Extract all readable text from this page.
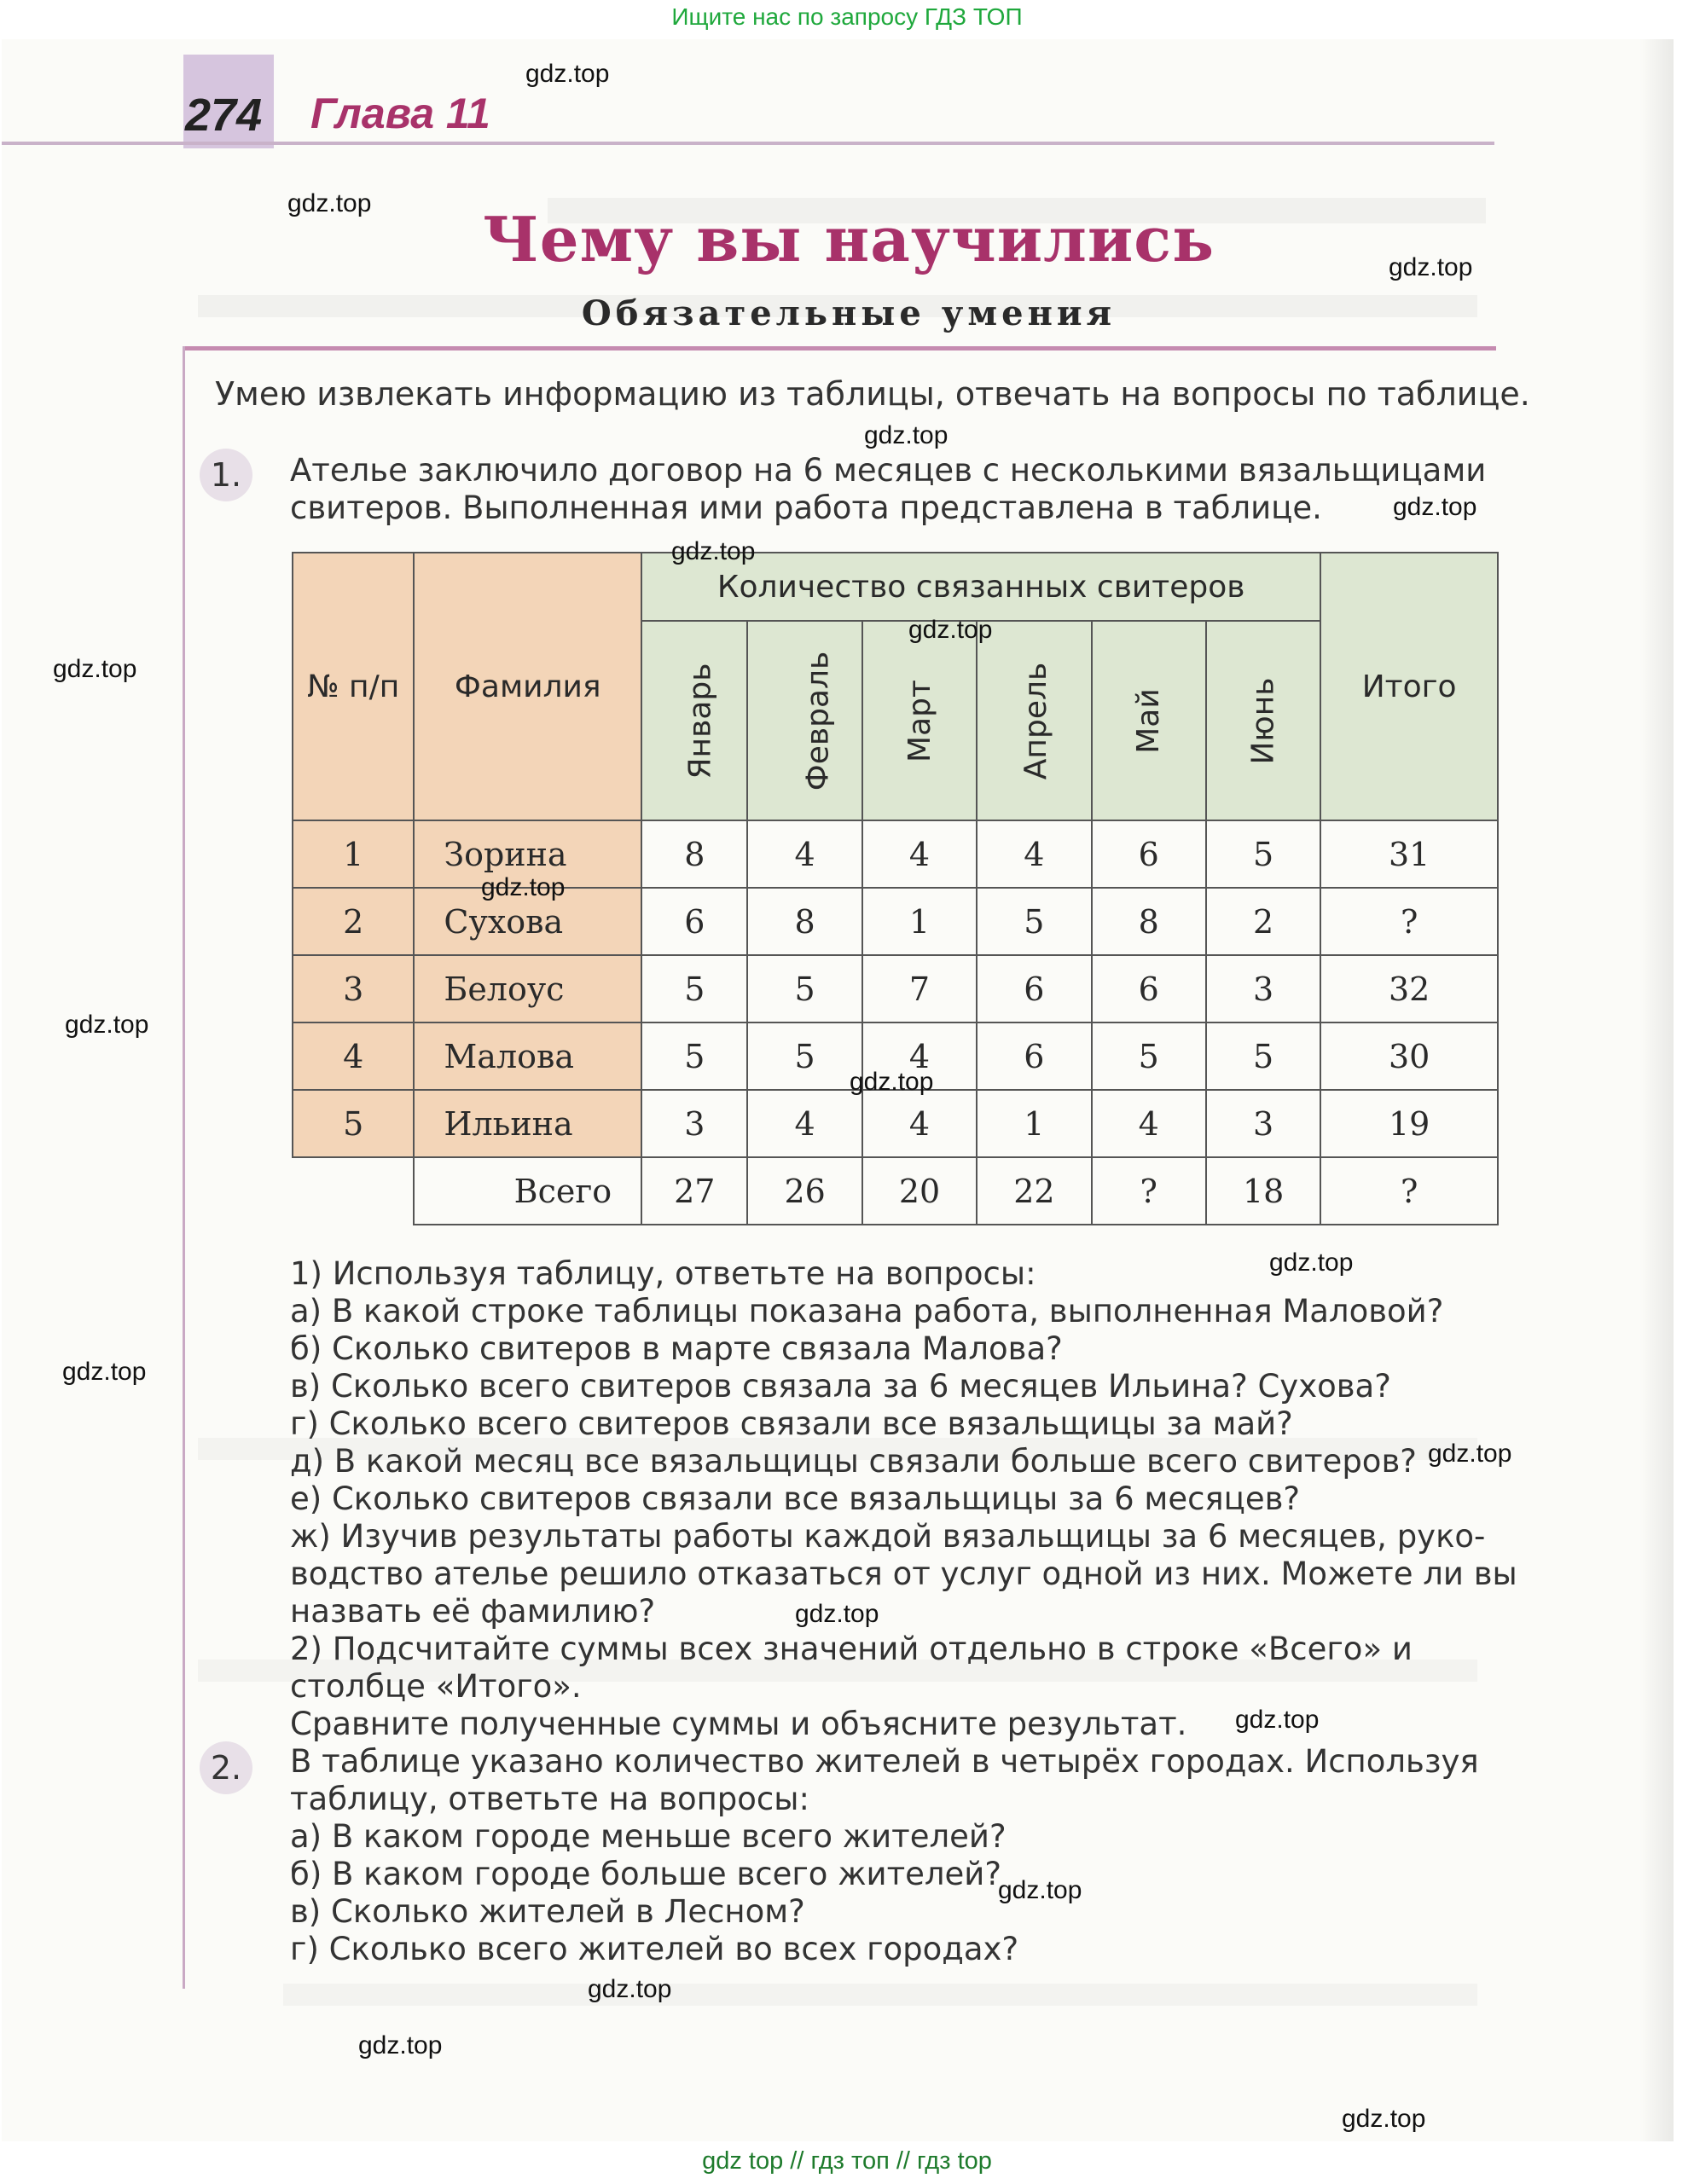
Ищите нас по запросу ГДЗ ТОП
274 Глава 11
Чему вы научились
Обязательные умения
Умею извлекать информацию из таблицы, отвечать на вопросы по таблице.
1.	Ателье заключило договор на 6 месяцев с несколькими вязальщицами
свитеров. Выполненная ими работа представлена в таблице.
№ п/п	Фамилия	Количество связанных свитеров						Итого
		Январь	Февраль	Март	Апрель	Май	Июнь	
1	Зорина	8	4	4	4	6	5	31
2	Сухова	6	8	1	5	8	2	?
3	Белоус	5	5	7	6	6	3	32
4	Малова	5	5	4	6	5	5	30
5	Ильина	3	4	4	1	4	3	19
	Всего	27	26	20	22	?	18	?
1) Используя таблицу, ответьте на вопросы:
а) В какой строке таблицы показана работа, выполненная Маловой?
б) Сколько свитеров в марте связала Малова?
в) Сколько всего свитеров связала за 6 месяцев Ильина? Сухова?
г) Сколько всего свитеров связали все вязальщицы за май?
д) В какой месяц все вязальщицы связали больше всего свитеров?
е) Сколько свитеров связали все вязальщицы за 6 месяцев?
ж) Изучив результаты работы каждой вязальщицы за 6 месяцев, руко-
водство ателье решило отказаться от услуг одной из них. Можете ли вы
назвать её фамилию?
2) Подсчитайте суммы всех значений отдельно в строке «Всего» и
столбце «Итого».
Сравните полученные суммы и объясните результат.
2.	В таблице указано количество жителей в четырёх городах. Используя
таблицу, ответьте на вопросы:
а) В каком городе меньше всего жителей?
б) В каком городе больше всего жителей?
в) Сколько жителей в Лесном?
г) Сколько всего жителей во всех городах?
gdz.top
gdz.top
gdz.top
gdz.top
gdz.top
gdz.top
gdz.top
gdz.top
gdz.top
gdz.top
gdz.top
gdz.top
gdz.top
gdz.top
gdz.top
gdz.top
gdz.top
gdz.top
gdz.top
gdz.top
gdz top // гдз топ // гдз top
